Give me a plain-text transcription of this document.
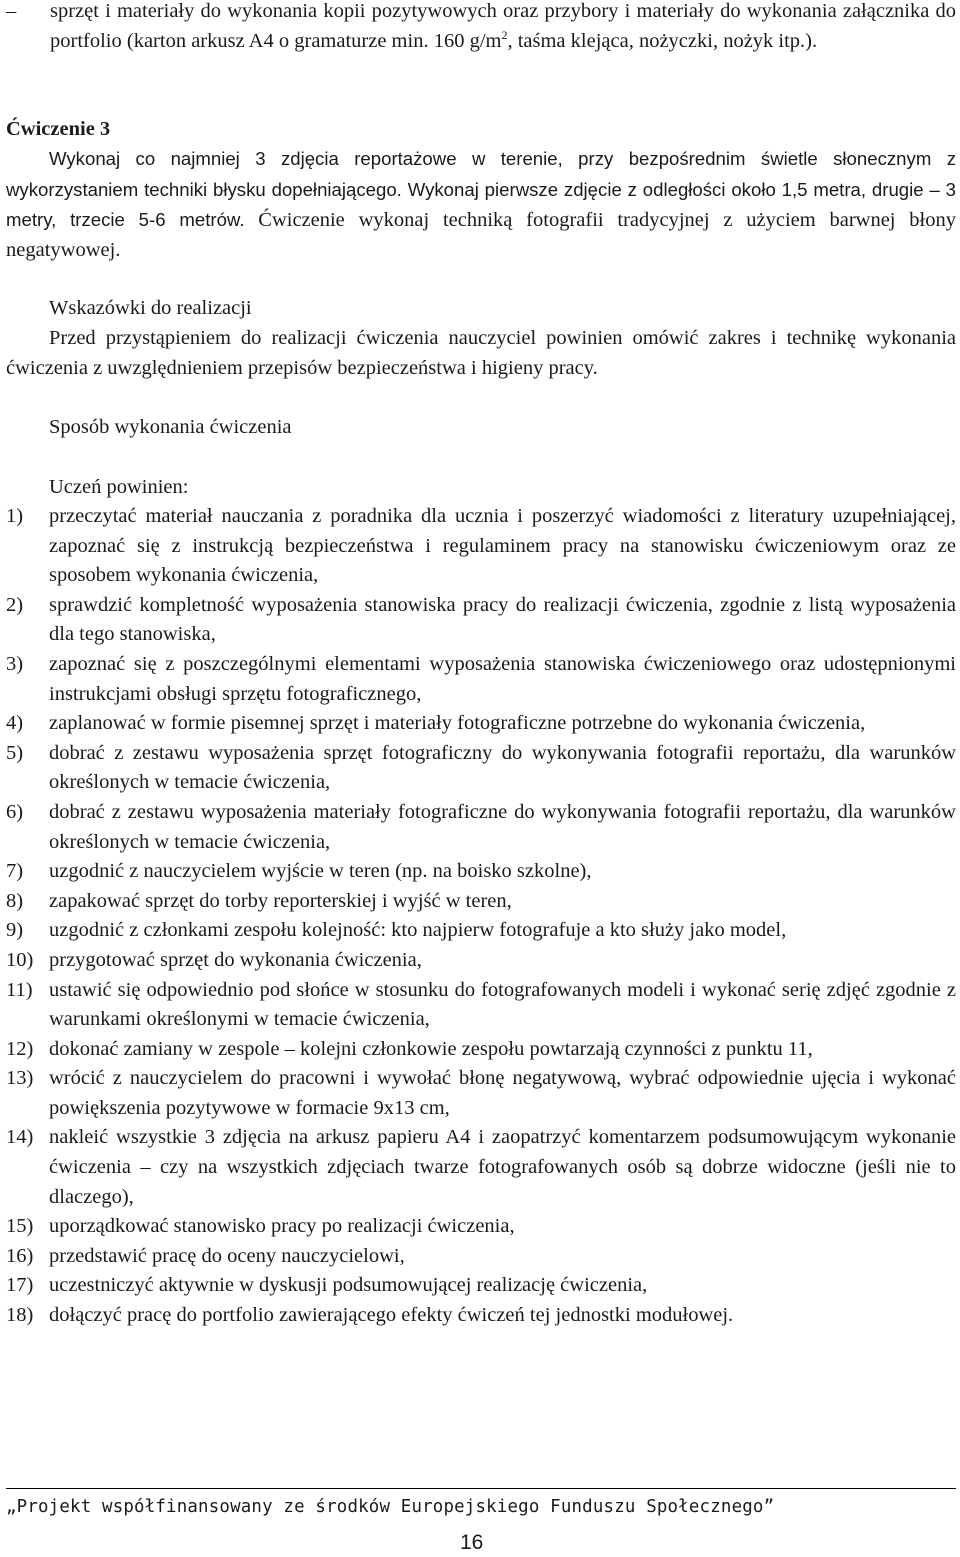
– sprzęt i materiały do wykonania kopii pozytywowych oraz przybory i materiały do wykonania załącznika do portfolio (karton arkusz A4 o gramaturze min. 160 $g/m^2$, taśma klejąca, nożyczki, nożyk itp.).
Ćwiczenie 3
Wykonaj co najmniej 3 zdjęcia reportażowe w terenie, przy bezpośrednim świetle słonecznym z wykorzystaniem techniki błysku dopełniającego. Wykonaj pierwsze zdjęcie z odległości około 1,5 metra, drugie – 3 metry, trzecie 5-6 metrów. Ćwiczenie wykonaj techniką fotografii tradycyjnej z użyciem barwnej błony negatywowej.
Wskazówki do realizacji
Przed przystąpieniem do realizacji ćwiczenia nauczyciel powinien omówić zakres i technikę wykonania ćwiczenia z uwzględnieniem przepisów bezpieczeństwa i higieny pracy.
Sposób wykonania ćwiczenia
Uczeń powinien:
1) przeczytać materiał nauczania z poradnika dla ucznia i poszerzyć wiadomości z literatury uzupełniającej, zapoznać się z instrukcją bezpieczeństwa i regulaminem pracy na stanowisku ćwiczeniowym oraz ze sposobem wykonania ćwiczenia,
2) sprawdzić kompletność wyposażenia stanowiska pracy do realizacji ćwiczenia, zgodnie z listą wyposażenia dla tego stanowiska,
3) zapoznać się z poszczególnymi elementami wyposażenia stanowiska ćwiczeniowego oraz udostępnionymi instrukcjami obsługi sprzętu fotograficznego,
4) zaplanować w formie pisemnej sprzęt i materiały fotograficzne potrzebne do wykonania ćwiczenia,
5) dobrać z zestawu wyposażenia sprzęt fotograficzny do wykonywania fotografii reportażu, dla warunków określonych w temacie ćwiczenia,
6) dobrać z zestawu wyposażenia materiały fotograficzne do wykonywania fotografii reportażu, dla warunków określonych w temacie ćwiczenia,
7) uzgodnić z nauczycielem wyjście w teren (np. na boisko szkolne),
8) zapakować sprzęt do torby reporterskiej i wyjść w teren,
9) uzgodnić z członkami zespołu kolejność: kto najpierw fotografuje a kto służy jako model,
10) przygotować sprzęt do wykonania ćwiczenia,
11) ustawić się odpowiednio pod słońce w stosunku do fotografowanych modeli i wykonać serię zdjęć zgodnie z warunkami określonymi w temacie ćwiczenia,
12) dokonać zamiany w zespole – kolejni członkowie zespołu powtarzają czynności z punktu 11,
13) wrócić z nauczycielem do pracowni i wywołać błonę negatywową, wybrać odpowiednie ujęcia i wykonać powiększenia pozytywowe w formacie 9x13 cm,
14) nakleić wszystkie 3 zdjęcia na arkusz papieru A4 i zaopatrzyć komentarzem podsumowującym wykonanie ćwiczenia – czy na wszystkich zdjęciach twarze fotografowanych osób są dobrze widoczne (jeśli nie to dlaczego),
15) uporządkować stanowisko pracy po realizacji ćwiczenia,
16) przedstawić pracę do oceny nauczycielowi,
17) uczestniczyć aktywnie w dyskusji podsumowującej realizację ćwiczenia,
18) dołączyć pracę do portfolio zawierającego efekty ćwiczeń tej jednostki modułowej.
„Projekt współfinansowany ze środków Europejskiego Funduszu Społecznego”
16
